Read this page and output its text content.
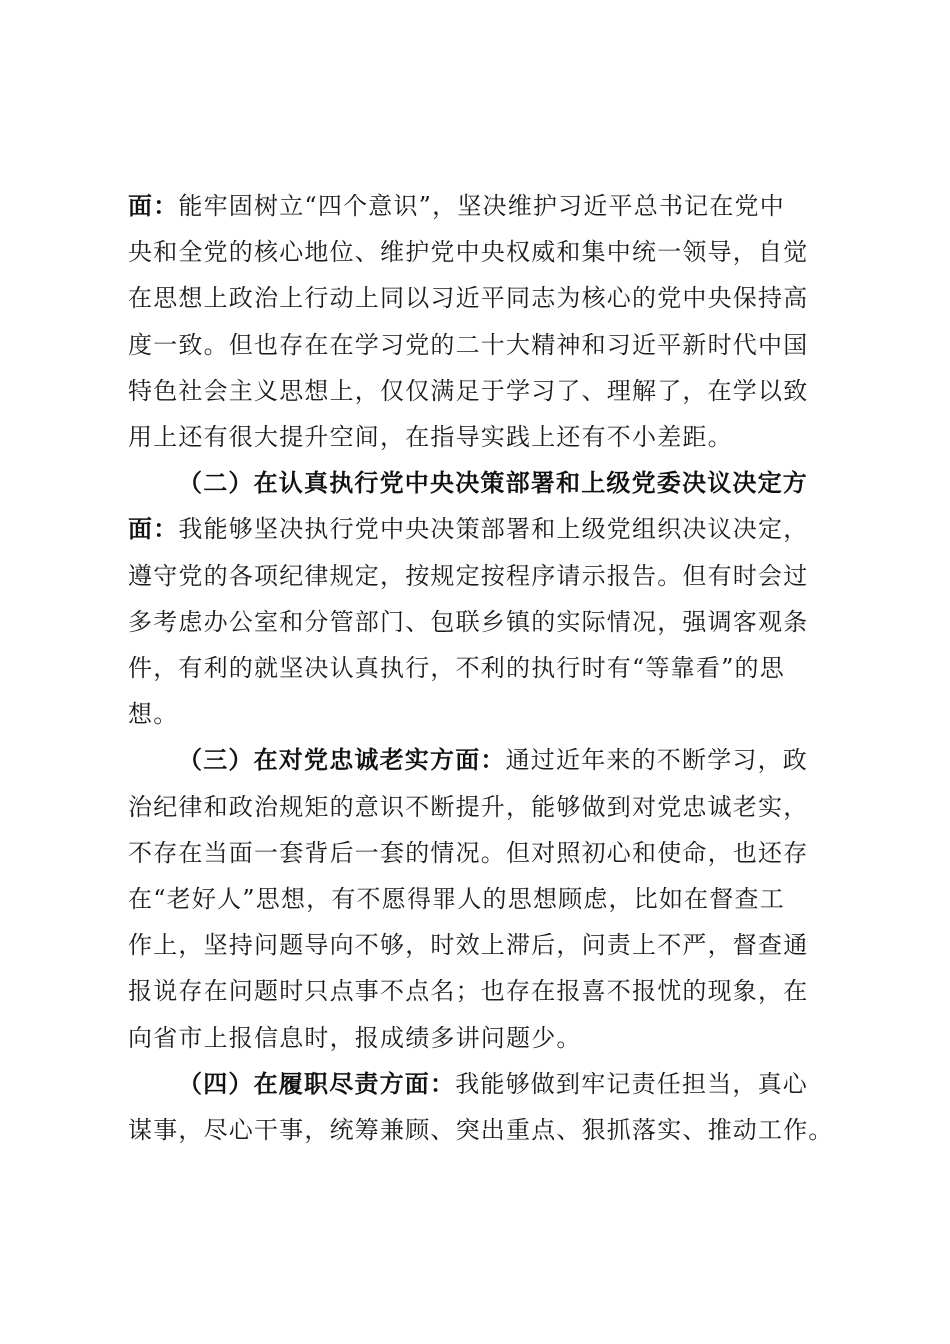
面：能牢固树立“四个意识”，坚决维护习近平总书记在党中
央和全党的核心地位、维护党中央权威和集中统一领导，自觉
在思想上政治上行动上同以习近平同志为核心的党中央保持高
度一致。但也存在在学习党的二十大精神和习近平新时代中国
特色社会主义思想上，仅仅满足于学习了、理解了，在学以致
用上还有很大提升空间，在指导实践上还有不小差距。
（二）在认真执行党中央决策部署和上级党委决议决定方
面：我能够坚决执行党中央决策部署和上级党组织决议决定，
遵守党的各项纪律规定，按规定按程序请示报告。但有时会过
多考虑办公室和分管部门、包联乡镇的实际情况，强调客观条
件，有利的就坚决认真执行，不利的执行时有“等靠看”的思
想。
（三）在对党忠诚老实方面：通过近年来的不断学习，政
治纪律和政治规矩的意识不断提升，能够做到对党忠诚老实，
不存在当面一套背后一套的情况。但对照初心和使命，也还存
在“老好人”思想，有不愿得罪人的思想顾虑，比如在督查工
作上，坚持问题导向不够，时效上滞后，问责上不严，督查通
报说存在问题时只点事不点名；也存在报喜不报忧的现象，在
向省市上报信息时，报成绩多讲问题少。
（四）在履职尽责方面：我能够做到牢记责任担当，真心
谋事，尽心干事，统筹兼顾、突出重点、狠抓落实、推动工作。
